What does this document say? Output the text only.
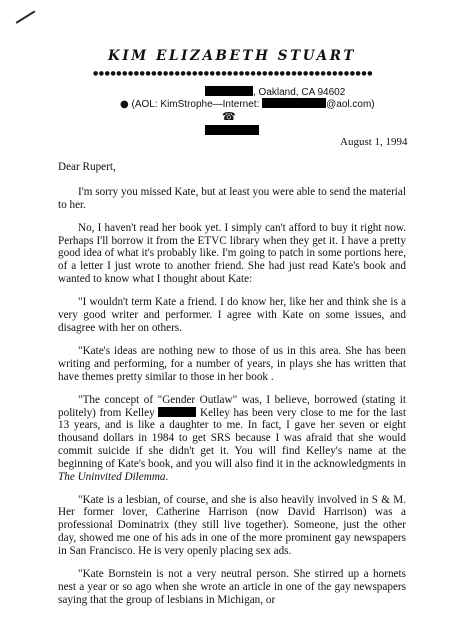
KIM ELIZABETH STUART
●●●●●●●●●●●●●●●●●●●●●●●●●●●●●●●●●●●●●●●●●●●●●●●●
, Oakland, CA 94602
● (AOL: KimStrophe—Internet:	@aol.com)
☎
August 1, 1994

Dear Rupert,

I'm sorry you missed Kate, but at least you were able to send the material to her.

No, I haven't read her book yet. I simply can't afford to buy it right now. Perhaps I'll borrow it from the ETVC library when they get it. I have a pretty good idea of what it's probably like. I'm going to patch in some portions here, of a letter I just wrote to another friend. She had just read Kate's book and wanted to know what I thought about Kate:

"I wouldn't term Kate a friend. I do know her, like her and think she is a very good writer and performer. I agree with Kate on some issues, and disagree with her on others.

"Kate's ideas are nothing new to those of us in this area. She has been writing and performing, for a number of years, in plays she has written that have themes pretty similar to those in her book .

"The concept of "Gender Outlaw" was, I believe, borrowed (stating it politely) from Kelley	Kelley has been very close to me for the last 13 years, and is like a daughter to me. In fact, I gave her seven or eight thousand dollars in 1984 to get SRS because I was afraid that she would commit suicide if she didn't get it. You will find Kelley's name at the beginning of Kate's book, and you will also find it in the acknowledgments in The Uninvited Dilemma.

"Kate is a lesbian, of course, and she is also heavily involved in S & M. Her former lover, Catherine Harrison (now David Harrison) was a professional Dominatrix (they still live together). Someone, just the other day, showed me one of his ads in one of the more prominent gay newspapers in San Francisco. He is very openly placing sex ads.

"Kate Bornstein is not a very neutral person. She stirred up a hornets nest a year or so ago when she wrote an article in one of the gay newspapers saying that the group of lesbians in Michigan, or
